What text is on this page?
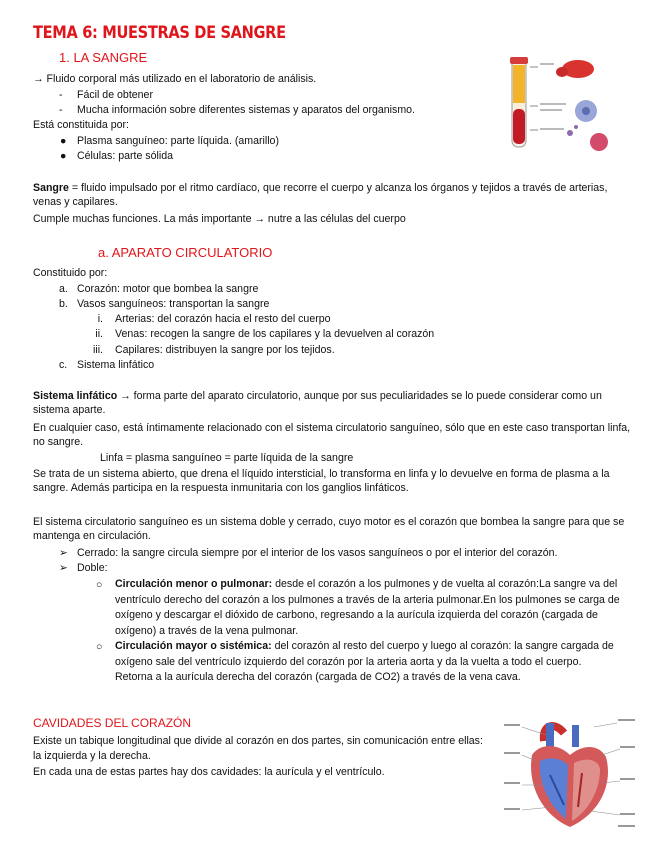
TEMA 6: MUESTRAS DE SANGRE
1. LA SANGRE
→ Fluido corporal más utilizado en el laboratorio de análisis.
- Fácil de obtener
- Mucha información sobre diferentes sistemas y aparatos del organismo.
Está constituida por:
● Plasma sanguíneo: parte líquida. (amarillo)
● Células: parte sólida
Sangre = fluido impulsado por el ritmo cardíaco, que recorre el cuerpo y alcanza los órganos y tejidos a través de arterias, venas y capilares.
Cumple muchas funciones. La más importante → nutre a las células del cuerpo
a. APARATO CIRCULATORIO
Constituido por:
a. Corazón: motor que bombea la sangre
b. Vasos sanguíneos: transportan la sangre
i. Arterias: del corazón hacia el resto del cuerpo
ii. Venas: recogen la sangre de los capilares y la devuelven al corazón
iii. Capilares: distribuyen la sangre por los tejidos.
c. Sistema linfático
Sistema linfático → forma parte del aparato circulatorio, aunque por sus peculiaridades se lo puede considerar como un sistema aparte.
En cualquier caso, está íntimamente relacionado con el sistema circulatorio sanguíneo, sólo que en este caso transportan linfa, no sangre.
Linfa = plasma sanguíneo = parte líquida de la sangre
Se trata de un sistema abierto, que drena el líquido intersticial, lo transforma en linfa y lo devuelve en forma de plasma a la sangre. Además participa en la respuesta inmunitaria con los ganglios linfáticos.
El sistema circulatorio sanguíneo es un sistema doble y cerrado, cuyo motor es el corazón que bombea la sangre para que se mantenga en circulación.
➢ Cerrado: la sangre circula siempre por el interior de los vasos sanguíneos o por el interior del corazón.
➢ Doble:
○ Circulación menor o pulmonar: desde el corazón a los pulmones y de vuelta al corazón:La sangre va del ventrículo derecho del corazón a los pulmones a través de la arteria pulmonar.En los pulmones se carga de oxígeno y descargar el dióxido de carbono, regresando a la aurícula izquierda del corazón (cargada de oxígeno) a través de la vena pulmonar.
○ Circulación mayor o sistémica: del corazón al resto del cuerpo y luego al corazón: la sangre cargada de oxígeno sale del ventrículo izquierdo del corazón por la arteria aorta y da la vuelta a todo el cuerpo. Retorna a la aurícula derecha del corazón (cargada de CO2) a través de la vena cava.
CAVIDADES DEL CORAZÓN
Existe un tabique longitudinal que divide al corazón en dos partes, sin comunicación entre ellas: la izquierda y la derecha.
En cada una de estas partes hay dos cavidades: la aurícula y el ventrículo.
